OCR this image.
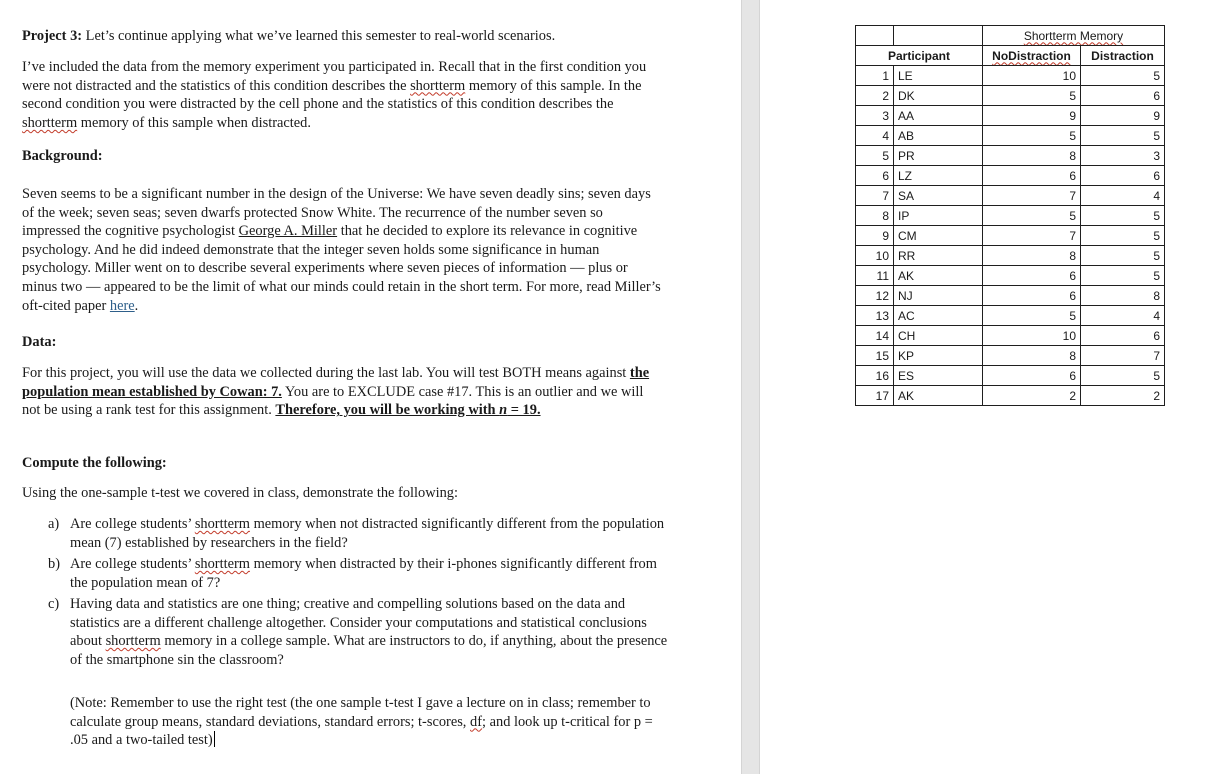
Project 3: Let’s continue applying what we’ve learned this semester to real-world scenarios.

I’ve included the data from the memory experiment you participated in. Recall that in the first condition you were not distracted and the statistics of this condition describes the shortterm memory of this sample. In the second condition you were distracted by the cell phone and the statistics of this condition describes the shortterm memory of this sample when distracted.

Background:

Seven seems to be a significant number in the design of the Universe: We have seven deadly sins; seven days of the week; seven seas; seven dwarfs protected Snow White. The recurrence of the number seven so impressed the cognitive psychologist George A. Miller that he decided to explore its relevance in cognitive psychology. And he did indeed demonstrate that the integer seven holds some significance in human psychology. Miller went on to describe several experiments where seven pieces of information — plus or minus two — appeared to be the limit of what our minds could retain in the short term. For more, read Miller’s oft-cited paper here.

Data:

For this project, you will use the data we collected during the last lab. You will test BOTH means against the population mean established by Cowan: 7. You are to EXCLUDE case #17. This is an outlier and we will not be using a rank test for this assignment. Therefore, you will be working with n = 19.

Compute the following:
Using the one-sample t-test we covered in class, demonstrate the following:
a) Are college students’ shortterm memory when not distracted significantly different from the population mean (7) established by researchers in the field?
b) Are college students’ shortterm memory when distracted by their i-phones significantly different from the population mean of 7?
c) Having data and statistics are one thing; creative and compelling solutions based on the data and statistics are a different challenge altogether. Consider your computations and statistical conclusions about shortterm memory in a college sample. What are instructors to do, if anything, about the presence of the smartphone sin the classroom?
(Note: Remember to use the right test (the one sample t-test I gave a lecture on in class; remember to calculate group means, standard deviations, standard errors; t-scores, df; and look up t-critical for p = .05 and a two-tailed test)
		Shortterm Memory	
Participant		NoDistraction	Distraction
1	LE	10	5
2	DK	5	6
3	AA	9	9
4	AB	5	5
5	PR	8	3
6	LZ	6	6
7	SA	7	4
8	IP	5	5
9	CM	7	5
10	RR	8	5
11	AK	6	5
12	NJ	6	8
13	AC	5	4
14	CH	10	6
15	KP	8	7
16	ES	6	5
17	AK	2	2
